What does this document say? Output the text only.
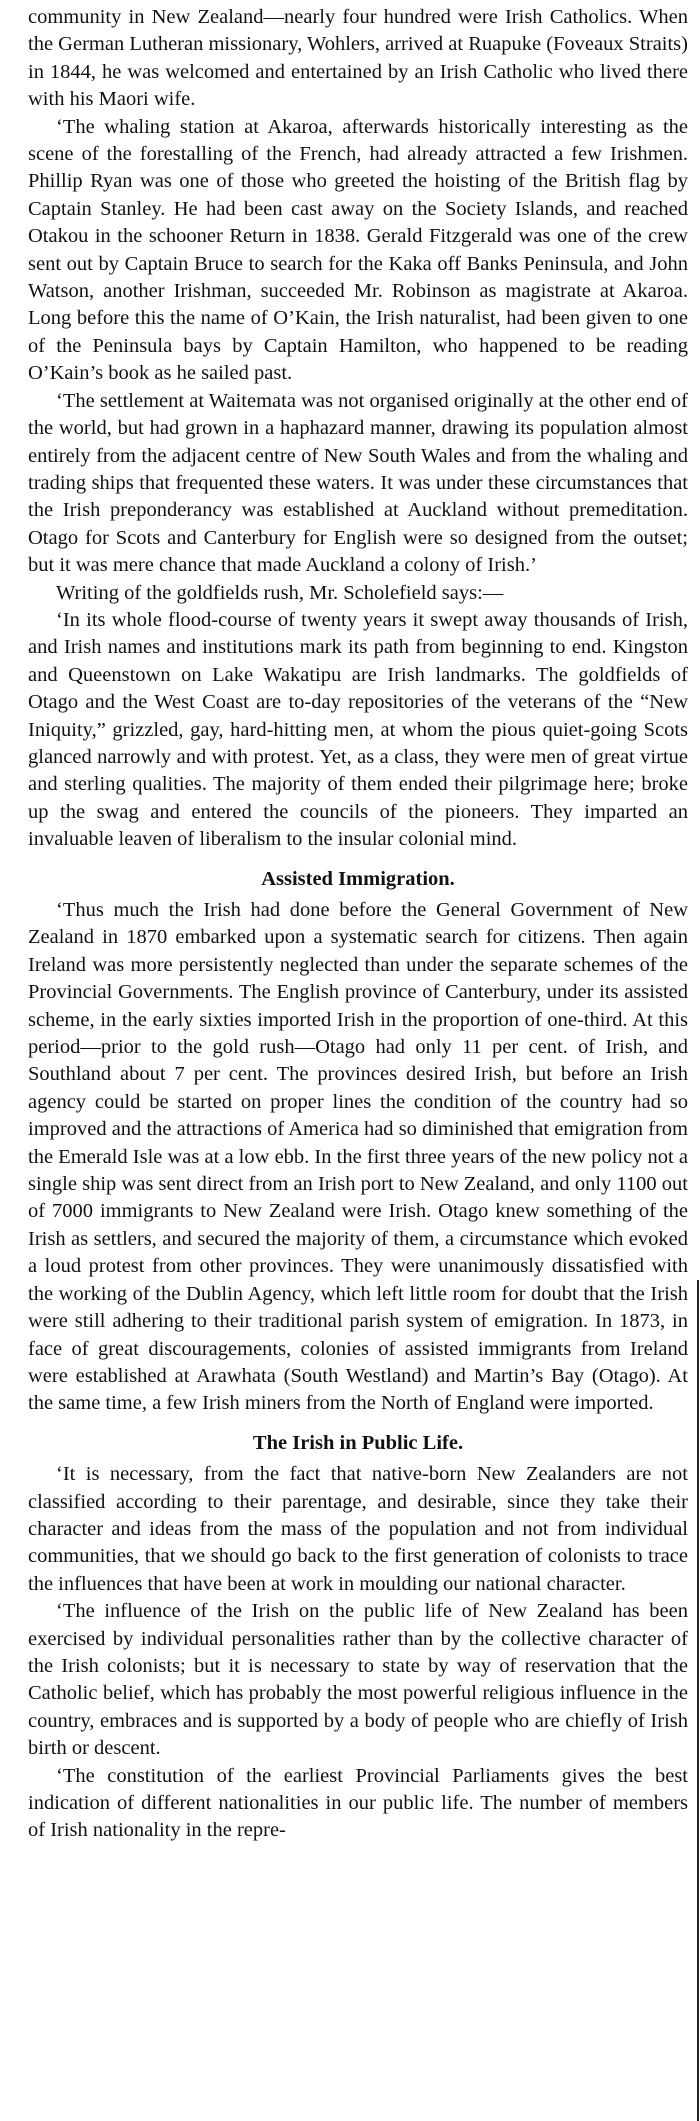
community in New Zealand—nearly four hundred were Irish Catholics. When the German Lutheran missionary, Wohlers, arrived at Ruapuke (Foveaux Straits) in 1844, he was welcomed and entertained by an Irish Catholic who lived there with his Maori wife.

‘The whaling station at Akaroa, afterwards historically interesting as the scene of the forestalling of the French, had already attracted a few Irishmen. Phillip Ryan was one of those who greeted the hoisting of the British flag by Captain Stanley. He had been cast away on the Society Islands, and reached Otakou in the schooner Return in 1838. Gerald Fitzgerald was one of the crew sent out by Captain Bruce to search for the Kaka off Banks Peninsula, and John Watson, another Irishman, succeeded Mr. Robinson as magistrate at Akaroa. Long before this the name of O’Kain, the Irish naturalist, had been given to one of the Peninsula bays by Captain Hamilton, who happened to be reading O’Kain’s book as he sailed past.

‘The settlement at Waitemata was not organised originally at the other end of the world, but had grown in a haphazard manner, drawing its population almost entirely from the adjacent centre of New South Wales and from the whaling and trading ships that frequented these waters. It was under these circumstances that the Irish preponderancy was established at Auckland without premeditation. Otago for Scots and Canterbury for English were so designed from the outset; but it was mere chance that made Auckland a colony of Irish.’

Writing of the goldfields rush, Mr. Scholefield says:—

‘In its whole flood-course of twenty years it swept away thousands of Irish, and Irish names and institutions mark its path from beginning to end. Kingston and Queenstown on Lake Wakatipu are Irish landmarks. The goldfields of Otago and the West Coast are to-day repositories of the veterans of the “New Iniquity,” grizzled, gay, hard-hitting men, at whom the pious quiet-going Scots glanced narrowly and with protest. Yet, as a class, they were men of great virtue and sterling qualities. The majority of them ended their pilgrimage here; broke up the swag and entered the councils of the pioneers. They imparted an invaluable leaven of liberalism to the insular colonial mind.

Assisted Immigration.

‘Thus much the Irish had done before the General Government of New Zealand in 1870 embarked upon a systematic search for citizens. Then again Ireland was more persistently neglected than under the separate schemes of the Provincial Governments. The English province of Canterbury, under its assisted scheme, in the early sixties imported Irish in the proportion of one-third. At this period—prior to the gold rush—Otago had only 11 per cent. of Irish, and Southland about 7 per cent. The provinces desired Irish, but before an Irish agency could be started on proper lines the condition of the country had so improved and the attractions of America had so diminished that emigration from the Emerald Isle was at a low ebb. In the first three years of the new policy not a single ship was sent direct from an Irish port to New Zealand, and only 1100 out of 7000 immigrants to New Zealand were Irish. Otago knew something of the Irish as settlers, and secured the majority of them, a circumstance which evoked a loud protest from other provinces. They were unanimously dissatisfied with the working of the Dublin Agency, which left little room for doubt that the Irish were still adhering to their traditional parish system of emigration. In 1873, in face of great discouragements, colonies of assisted immigrants from Ireland were established at Arawhata (South Westland) and Martin’s Bay (Otago). At the same time, a few Irish miners from the North of England were imported.

The Irish in Public Life.

‘It is necessary, from the fact that native-born New Zealanders are not classified according to their parentage, and desirable, since they take their character and ideas from the mass of the population and not from individual communities, that we should go back to the first generation of colonists to trace the influences that have been at work in moulding our national character.

‘The influence of the Irish on the public life of New Zealand has been exercised by individual personalities rather than by the collective character of the Irish colonists; but it is necessary to state by way of reservation that the Catholic belief, which has probably the most powerful religious influence in the country, embraces and is supported by a body of people who are chiefly of Irish birth or descent.

‘The constitution of the earliest Provincial Parliaments gives the best indication of different nationalities in our public life. The number of members of Irish nationality in the repre-
